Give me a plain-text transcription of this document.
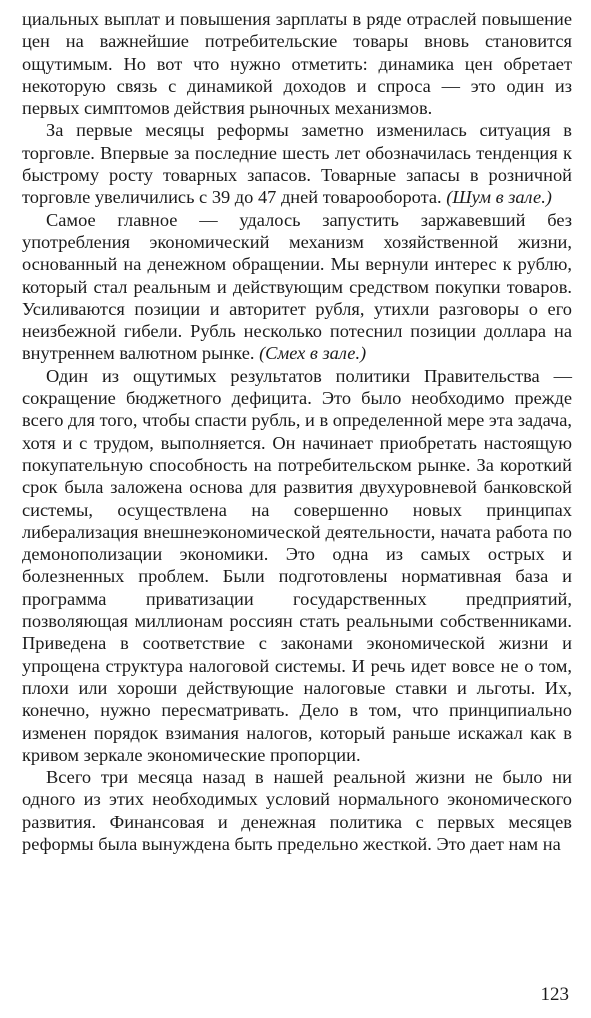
циальных выплат и повышения зарплаты в ряде отраслей повышение цен на важнейшие потребительские товары вновь становится ощутимым. Но вот что нужно отметить: динамика цен обретает некоторую связь с динамикой доходов и спроса — это один из первых симптомов действия рыночных механизмов.

За первые месяцы реформы заметно изменилась ситуация в торговле. Впервые за последние шесть лет обозначилась тенденция к быстрому росту товарных запасов. Товарные запасы в розничной торговле увеличились с 39 до 47 дней товарооборота. (Шум в зале.)

Самое главное — удалось запустить заржавевший без употребления экономический механизм хозяйственной жизни, основанный на денежном обращении. Мы вернули интерес к рублю, который стал реальным и действующим средством покупки товаров. Усиливаются позиции и авторитет рубля, утихли разговоры о его неизбежной гибели. Рубль несколько потеснил позиции доллара на внутреннем валютном рынке. (Смех в зале.)

Один из ощутимых результатов политики Правительства — сокращение бюджетного дефицита. Это было необходимо прежде всего для того, чтобы спасти рубль, и в определенной мере эта задача, хотя и с трудом, выполняется. Он начинает приобретать настоящую покупательную способность на потребительском рынке. За короткий срок была заложена основа для развития двухуровневой банковской системы, осуществлена на совершенно новых принципах либерализация внешнеэкономической деятельности, начата работа по демонополизации экономики. Это одна из самых острых и болезненных проблем. Были подготовлены нормативная база и программа приватизации государственных предприятий, позволяющая миллионам россиян стать реальными собственниками. Приведена в соответствие с законами экономической жизни и упрощена структура налоговой системы. И речь идет вовсе не о том, плохи или хороши действующие налоговые ставки и льготы. Их, конечно, нужно пересматривать. Дело в том, что принципиально изменен порядок взимания налогов, который раньше искажал как в кривом зеркале экономические пропорции.

Всего три месяца назад в нашей реальной жизни не было ни одного из этих необходимых условий нормального экономического развития. Финансовая и денежная политика с первых месяцев реформы была вынуждена быть предельно жесткой. Это дает нам на

123
